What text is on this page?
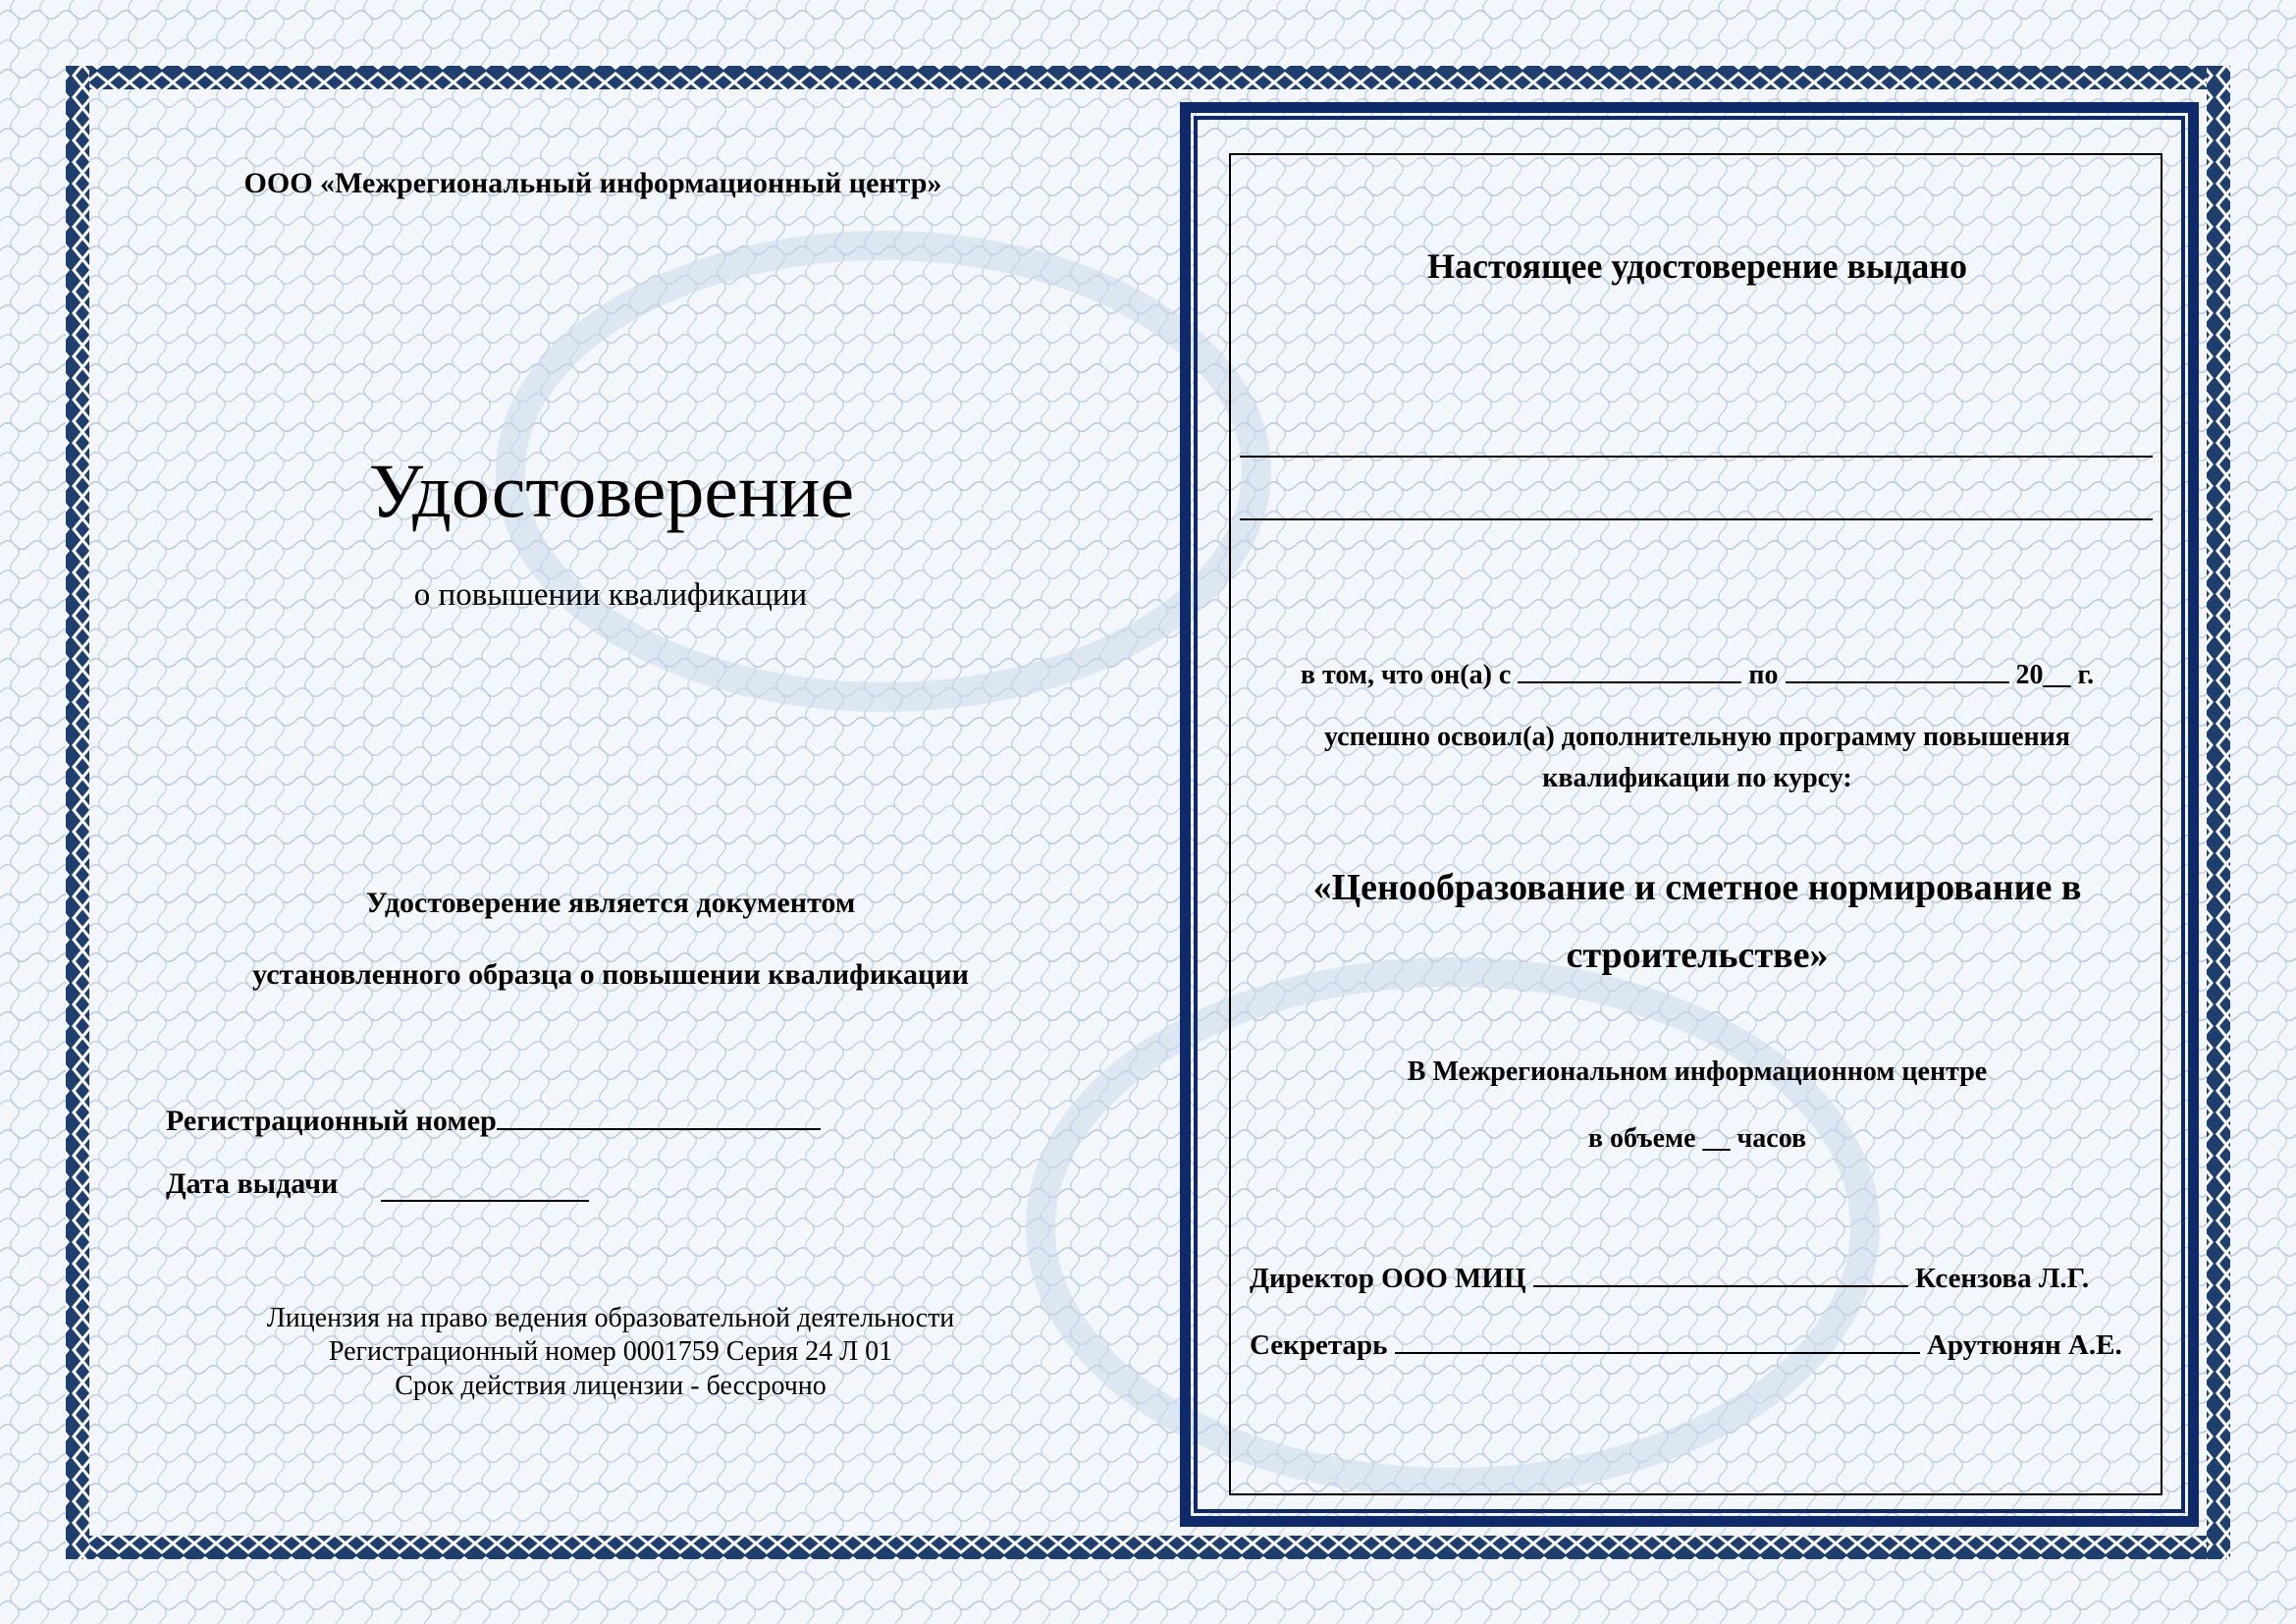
ООО «Межрегиональный информационный центр»
Удостоверение
о повышении квалификации
Удостоверение является документом
установленного образца о повышении квалификации
Регистрационный номер
Дата выдачи
Лицензия на право ведения образовательной деятельности
Регистрационный номер 0001759 Серия 24 Л 01
Срок действия лицензии - бессрочно
Настоящее удостоверение выдано
в том, что он(а) с	по	20__ г.
успешно освоил(а) дополнительную программу повышения
квалификации по курсу:
«Ценообразование и сметное нормирование в
строительстве»
В Межрегиональном информационном центре
в объеме __ часов
Директор ООО МИЦ	Ксензова Л.Г.
Секретарь	Арутюнян А.Е.
